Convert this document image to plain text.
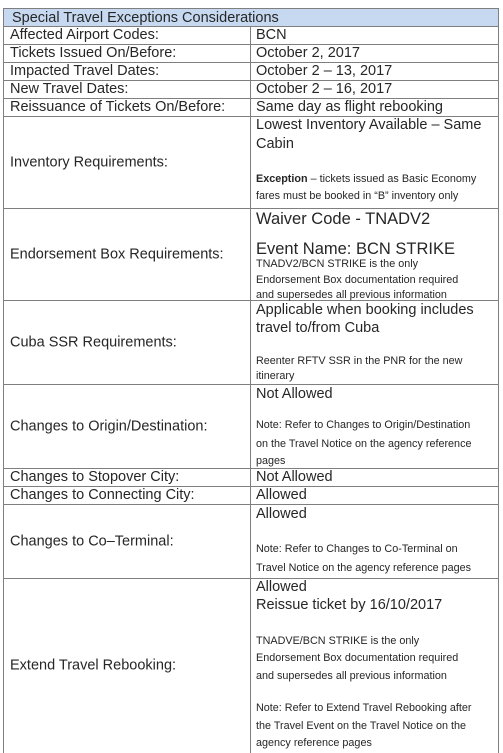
Special Travel Exceptions Considerations
Affected Airport Codes:	BCN
Tickets Issued On/Before:	October 2, 2017
Impacted Travel Dates:	October 2 – 13, 2017
New Travel Dates:	October 2 – 16, 2017
Reissuance of Tickets On/Before: Same day as flight rebooking
Inventory Requirements:
Lowest Inventory Available – Same
Cabin
Exception – tickets issued as Basic Economy
fares must be booked in “B” inventory only
Endorsement Box Requirements:
Waiver Code - TNADV2
Event Name: BCN STRIKE
TNADV2/BCN STRIKE is the only
Endorsement Box documentation required
and supersedes all previous information
Cuba SSR Requirements:
Applicable when booking includes
travel to/from Cuba
Reenter RFTV SSR in the PNR for the new
itinerary
Changes to Origin/Destination:
Not Allowed
Note: Refer to Changes to Origin/Destination
on the Travel Notice on the agency reference
pages
Changes to Stopover City:	Not Allowed
Changes to Connecting City:	Allowed
Changes to Co–Terminal:
Allowed
Note: Refer to Changes to Co-Terminal on
Travel Notice on the agency reference pages
Extend Travel Rebooking:
Allowed
Reissue ticket by 16/10/2017
TNADVE/BCN STRIKE is the only
Endorsement Box documentation required
and supersedes all previous information
Note: Refer to Extend Travel Rebooking after
the Travel Event on the Travel Notice on the
agency reference pages
